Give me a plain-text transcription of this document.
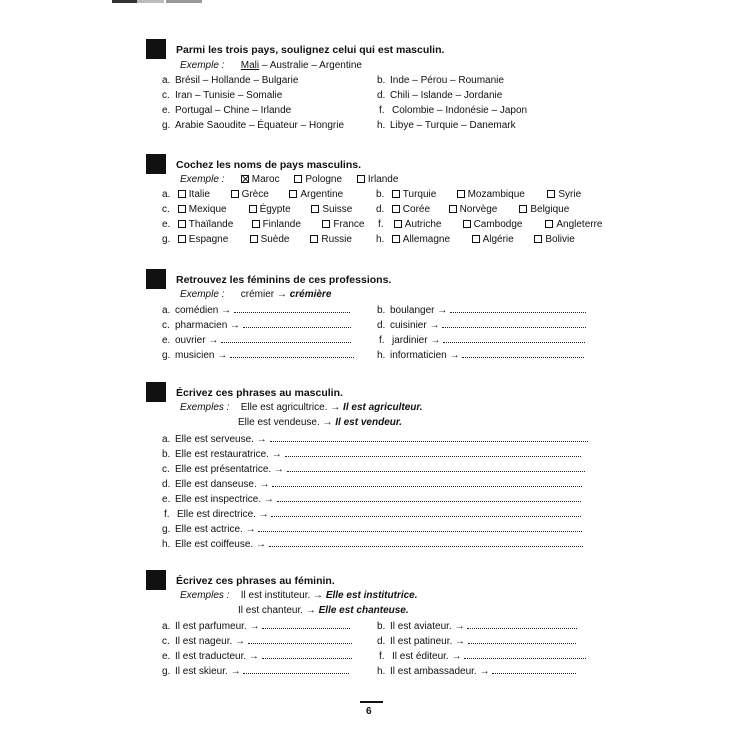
Parmi les trois pays, soulignez celui qui est masculin.
Exemple : Mali – Australie – Argentine
a. Brésil – Hollande – Bulgarie	b. Inde – Pérou – Roumanie
c. Iran – Tunisie – Somalie	d. Chili – Islande – Jordanie
e. Portugal – Chine – Irlande	f. Colombie – Indonésie – Japon
g. Arabie Saoudite – Équateur – Hongrie	h. Libye – Turquie – Danemark
Cochez les noms de pays masculins.
Exemple :	Maroc	Pologne	Irlande
a. Italie	Grèce	Argentine	b. Turquie	Mozambique	Syrie
c. Mexique	Égypte	Suisse d. Corée	Norvège	Belgique
e. Thaïlande	Finlande	France f. Autriche	Cambodge	Angleterre
g. Espagne	Suède	Russie h. Allemagne	Algérie	Bolivie
Retrouvez les féminins de ces professions.
Exemple : crémier → crémière
a. comédien →	b. boulanger →
c. pharmacien →	d. cuisinier →
e. ouvrier →	f. jardinier →
g. musicien →	h. informaticien →
Écrivez ces phrases au masculin.
Exemples : Elle est agricultrice. → Il est agriculteur.
Elle est vendeuse. → Il est vendeur.
a. Elle est serveuse. →
b. Elle est restauratrice. →
c. Elle est présentatrice. →
d. Elle est danseuse. →
e. Elle est inspectrice. →
f. Elle est directrice. →
g. Elle est actrice. →
h. Elle est coiffeuse. →
Écrivez ces phrases au féminin.
Exemples : Il est instituteur. → Elle est institutrice.
Il est chanteur. → Elle est chanteuse.
a. Il est parfumeur. →	b. Il est aviateur. →
c. Il est nageur. →	d. Il est patineur. →
e. Il est traducteur. →	f. Il est éditeur. →
g. Il est skieur. →	h. Il est ambassadeur. →
6
